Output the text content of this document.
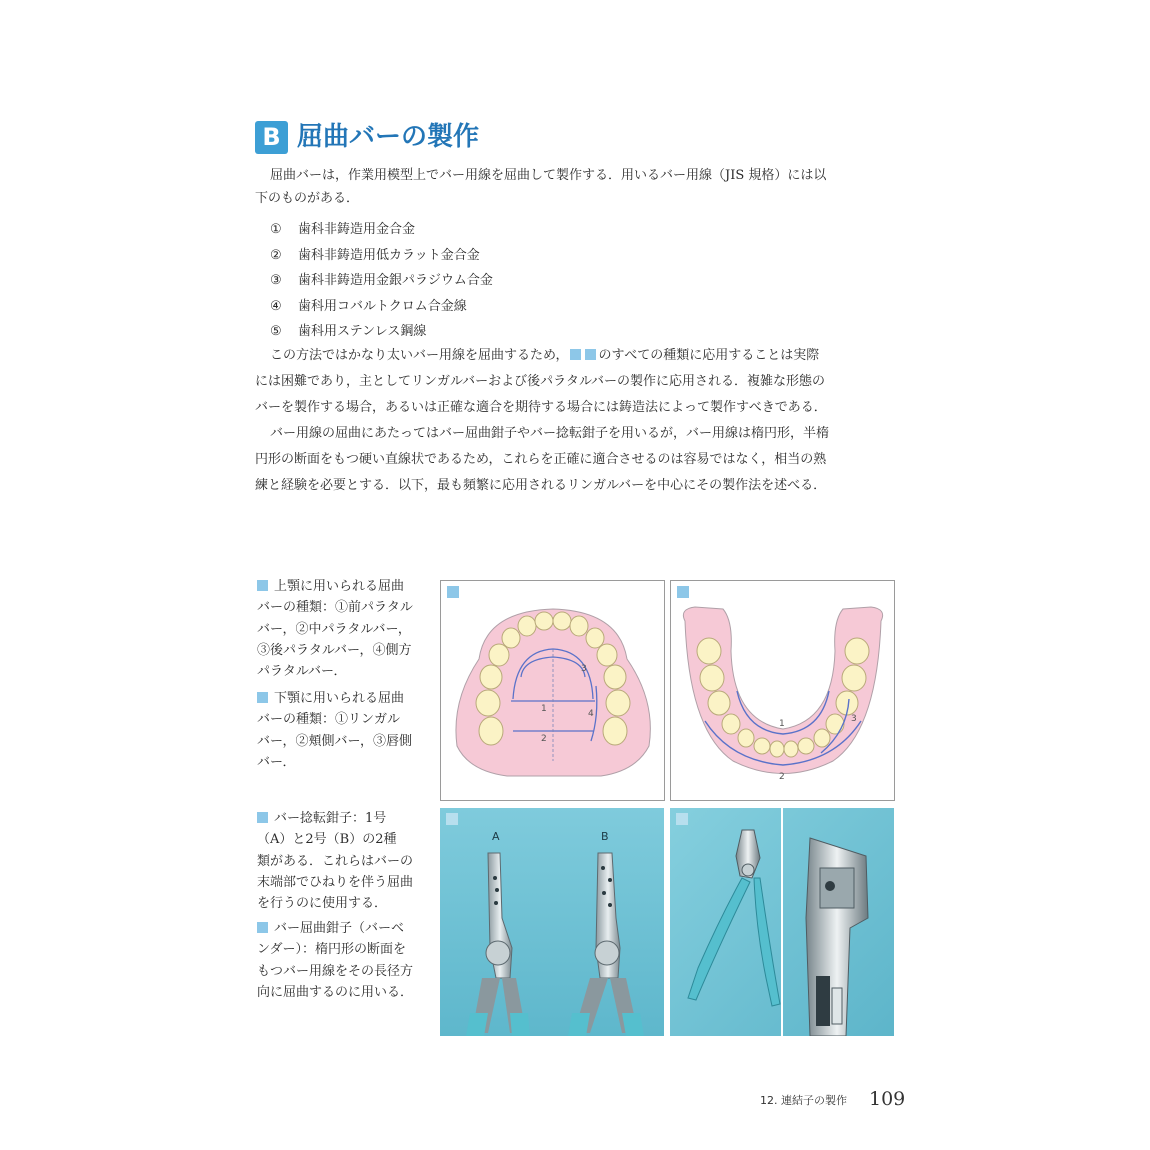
B 屈曲バーの製作
屈曲バーは，作業用模型上でバー用線を屈曲して製作する．用いるバー用線（JIS 規格）には以
下のものがある．
① 歯科非鋳造用金合金
② 歯科非鋳造用低カラット金合金
③ 歯科非鋳造用金銀パラジウム合金
④ 歯科用コバルトクロム合金線
⑤ 歯科用ステンレス鋼線
この方法ではかなり太いバー用線を屈曲するため， のすべての種類に応用することは実際
には困難であり，主としてリンガルバーおよび後パラタルバーの製作に応用される．複雑な形態の
バーを製作する場合，あるいは正確な適合を期待する場合には鋳造法によって製作すべきである．
バー用線の屈曲にあたってはバー屈曲鉗子やバー捻転鉗子を用いるが，バー用線は楕円形，半楕
円形の断面をもつ硬い直線状であるため，これらを正確に適合させるのは容易ではなく，相当の熟
練と経験を必要とする．以下，最も頻繁に応用されるリンガルバーを中心にその製作法を述べる．
上顎に用いられる屈曲
バーの種類：①前パラタル
バー，②中パラタルバー，
③後パラタルバー，④側方
パラタルバー．
下顎に用いられる屈曲
バーの種類：①リンガル
バー，②頬側バー，③唇側
バー．
バー捻転鉗子：1号
（A）と2号（B）の2種
類がある．これらはバーの
末端部でひねりを伴う屈曲
を行うのに使用する．
バー屈曲鉗子（バーベ
ンダー）：楕円形の断面を
もつバー用線をその長径方
向に屈曲するのに用いる．
1
2
3
4
1
2
3
A	B
12. 連結子の製作 109
